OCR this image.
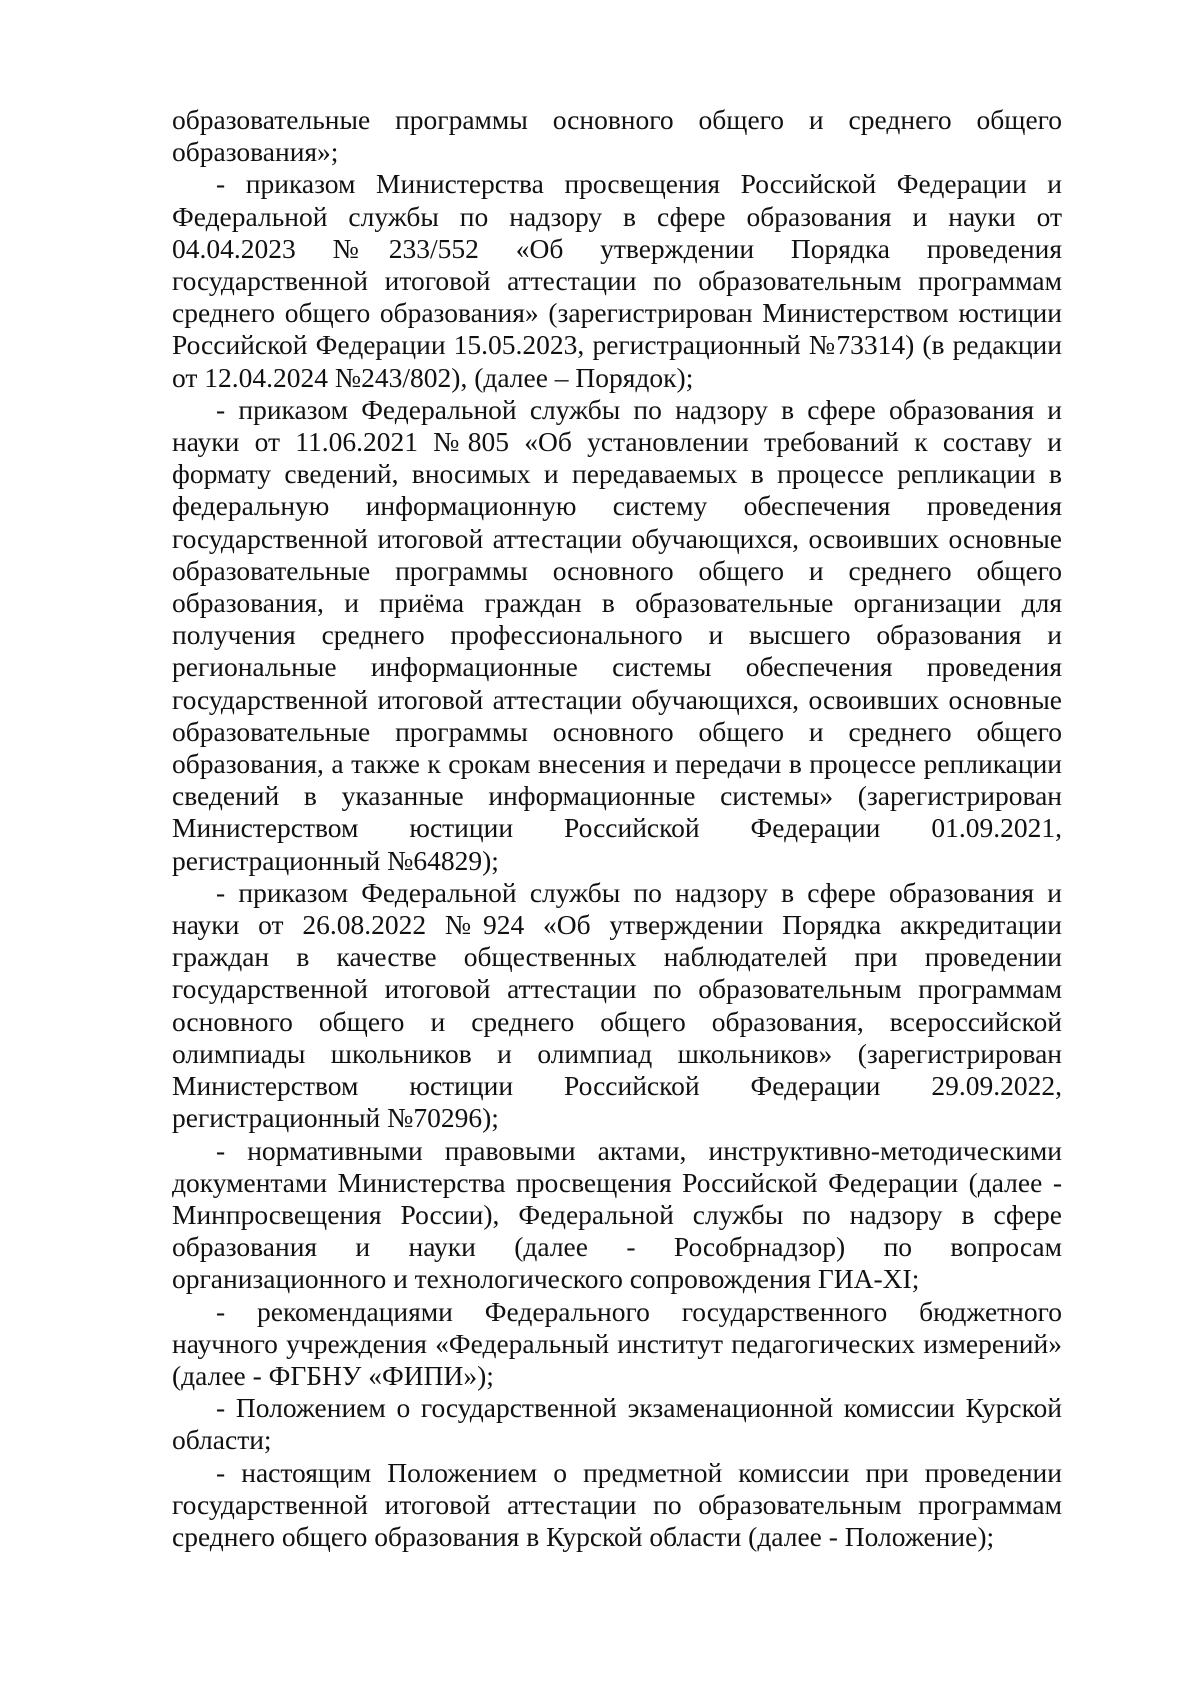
образовательные программы основного общего и среднего общего образования»;

- приказом Министерства просвещения Российской Федерации и Федеральной службы по надзору в сфере образования и науки от 04.04.2023 №233/552 «Об утверждении Порядка проведения государственной итоговой аттестации по образовательным программам среднего общего образования» (зарегистрирован Министерством юстиции Российской Федерации 15.05.2023, регистрационный №73314) (в редакции от 12.04.2024 №243/802), (далее – Порядок);

- приказом Федеральной службы по надзору в сфере образования и науки от 11.06.2021 №805 «Об установлении требований к составу и формату сведений, вносимых и передаваемых в процессе репликации в федеральную информационную систему обеспечения проведения государственной итоговой аттестации обучающихся, освоивших основные образовательные программы основного общего и среднего общего образования, и приёма граждан в образовательные организации для получения среднего профессионального и высшего образования и региональные информационные системы обеспечения проведения государственной итоговой аттестации обучающихся, освоивших основные образовательные программы основного общего и среднего общего образования, а также к срокам внесения и передачи в процессе репликации сведений в указанные информационные системы» (зарегистрирован Министерством юстиции Российской Федерации 01.09.2021, регистрационный №64829);

- приказом Федеральной службы по надзору в сфере образования и науки от 26.08.2022 №924 «Об утверждении Порядка аккредитации граждан в качестве общественных наблюдателей при проведении государственной итоговой аттестации по образовательным программам основного общего и среднего общего образования, всероссийской олимпиады школьников и олимпиад школьников» (зарегистрирован Министерством юстиции Российской Федерации 29.09.2022, регистрационный №70296);

- нормативными правовыми актами, инструктивно-методическими документами Министерства просвещения Российской Федерации (далее - Минпросвещения России), Федеральной службы по надзору в сфере образования и науки (далее - Рособрнадзор) по вопросам организационного и технологического сопровождения ГИА-XI;

- рекомендациями Федерального государственного бюджетного научного учреждения «Федеральный институт педагогических измерений» (далее - ФГБНУ «ФИПИ»);

- Положением о государственной экзаменационной комиссии Курской области;

- настоящим Положением о предметной комиссии при проведении государственной итоговой аттестации по образовательным программам среднего общего образования в Курской области (далее - Положение);
